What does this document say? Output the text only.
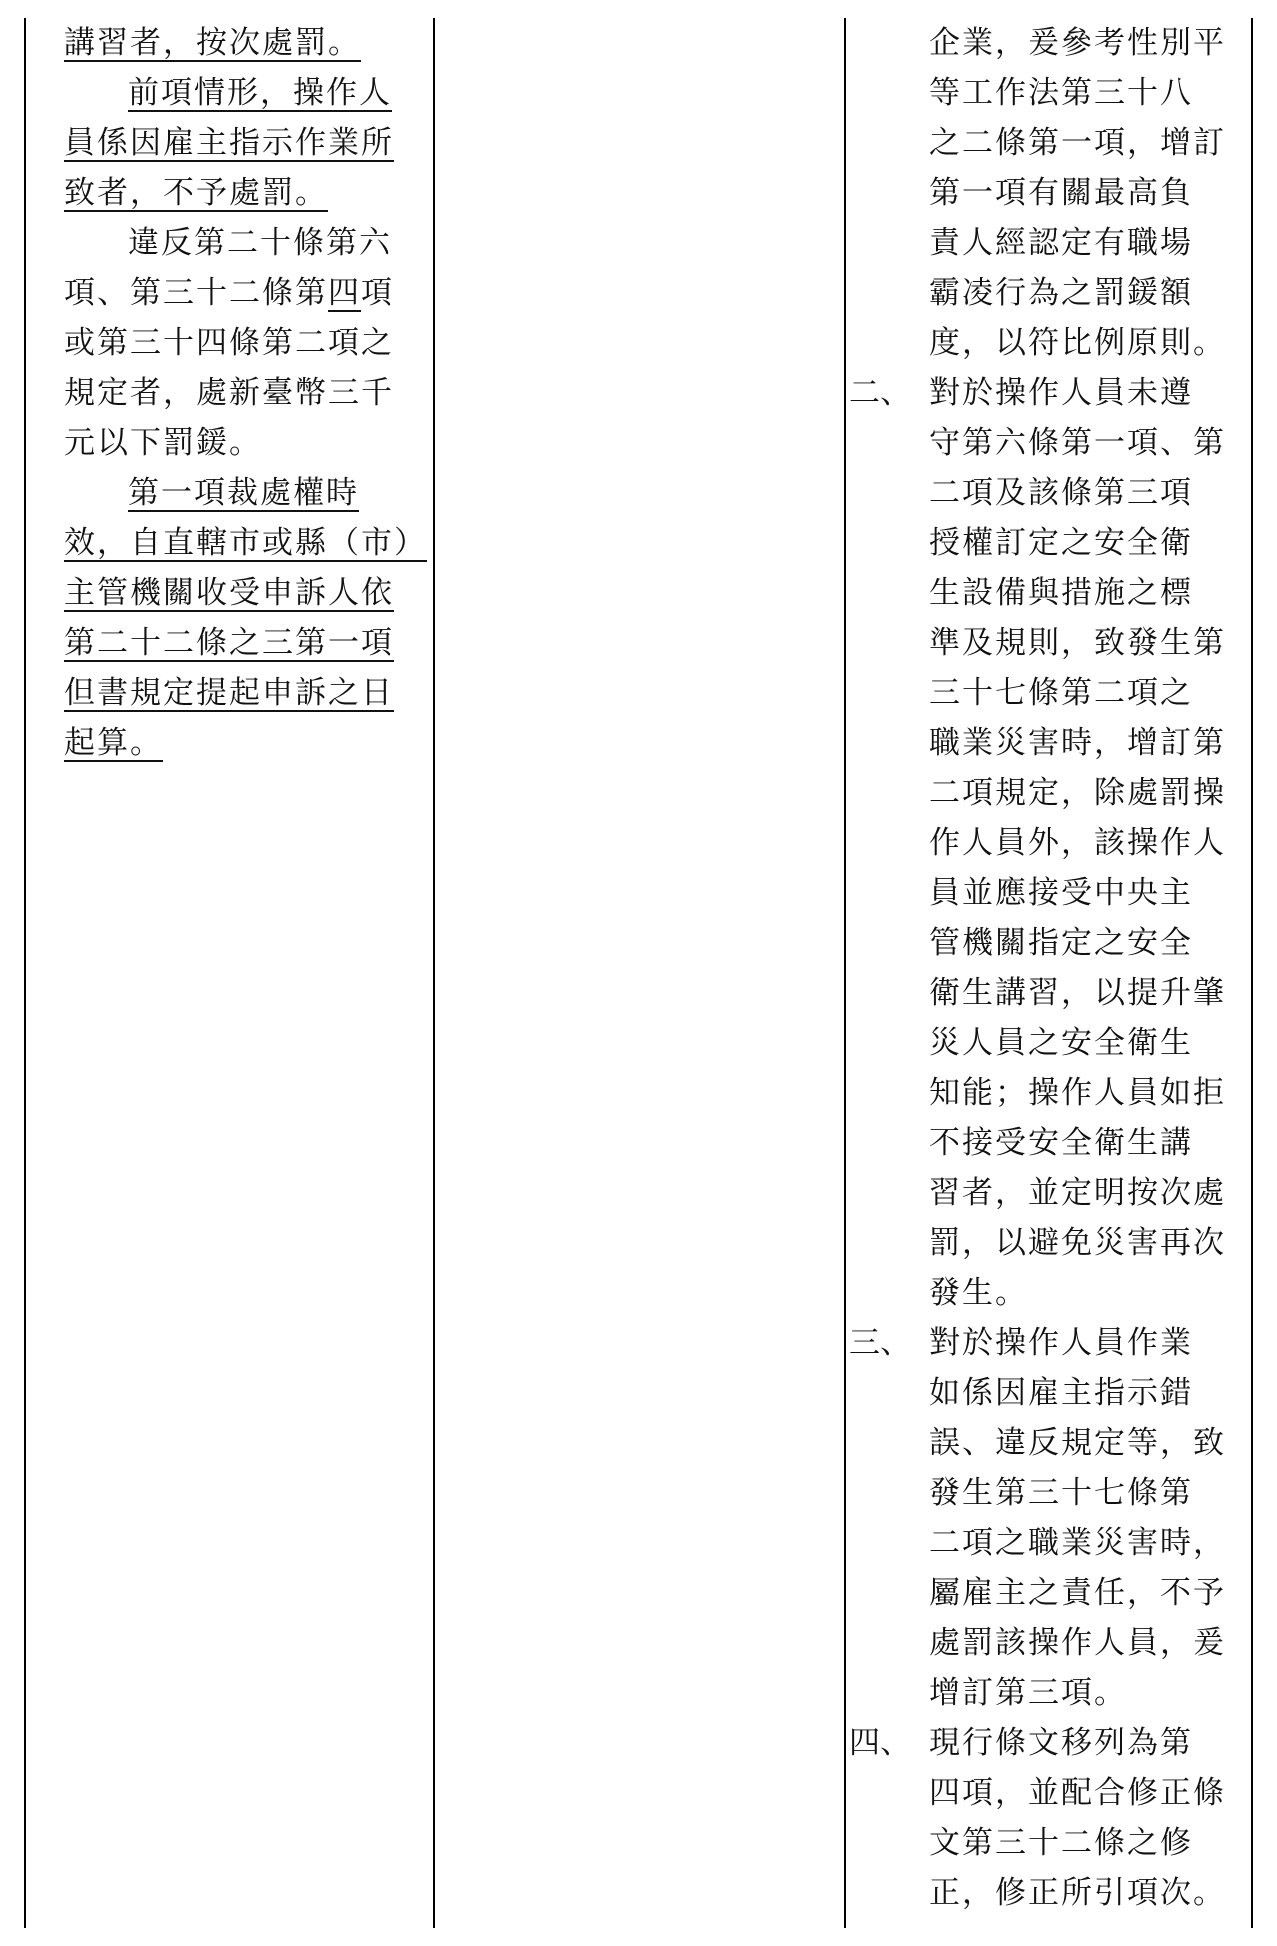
講習者，按次處罰。
前項情形，操作人
員係因雇主指示作業所
致者，不予處罰。
違反第二十條第六
項、第三十二條第四項
或第三十四條第二項之
規定者，處新臺幣三千
元以下罰鍰。
第一項裁處權時
效，自直轄市或縣（市）
主管機關收受申訴人依
第二十二條之三第一項
但書規定提起申訴之日
起算。
企業，爰參考性別平
等工作法第三十八
之二條第一項，增訂
第一項有關最高負
責人經認定有職場
霸凌行為之罰鍰額
度，以符比例原則。
二、 對於操作人員未遵
守第六條第一項、第
二項及該條第三項
授權訂定之安全衛
生設備與措施之標
準及規則，致發生第
三十七條第二項之
職業災害時，增訂第
二項規定，除處罰操
作人員外，該操作人
員並應接受中央主
管機關指定之安全
衛生講習，以提升肇
災人員之安全衛生
知能；操作人員如拒
不接受安全衛生講
習者，並定明按次處
罰，以避免災害再次
發生。
三、 對於操作人員作業
如係因雇主指示錯
誤、違反規定等，致
發生第三十七條第
二項之職業災害時，
屬雇主之責任，不予
處罰該操作人員，爰
增訂第三項。
四、 現行條文移列為第
四項，並配合修正條
文第三十二條之修
正，修正所引項次。
